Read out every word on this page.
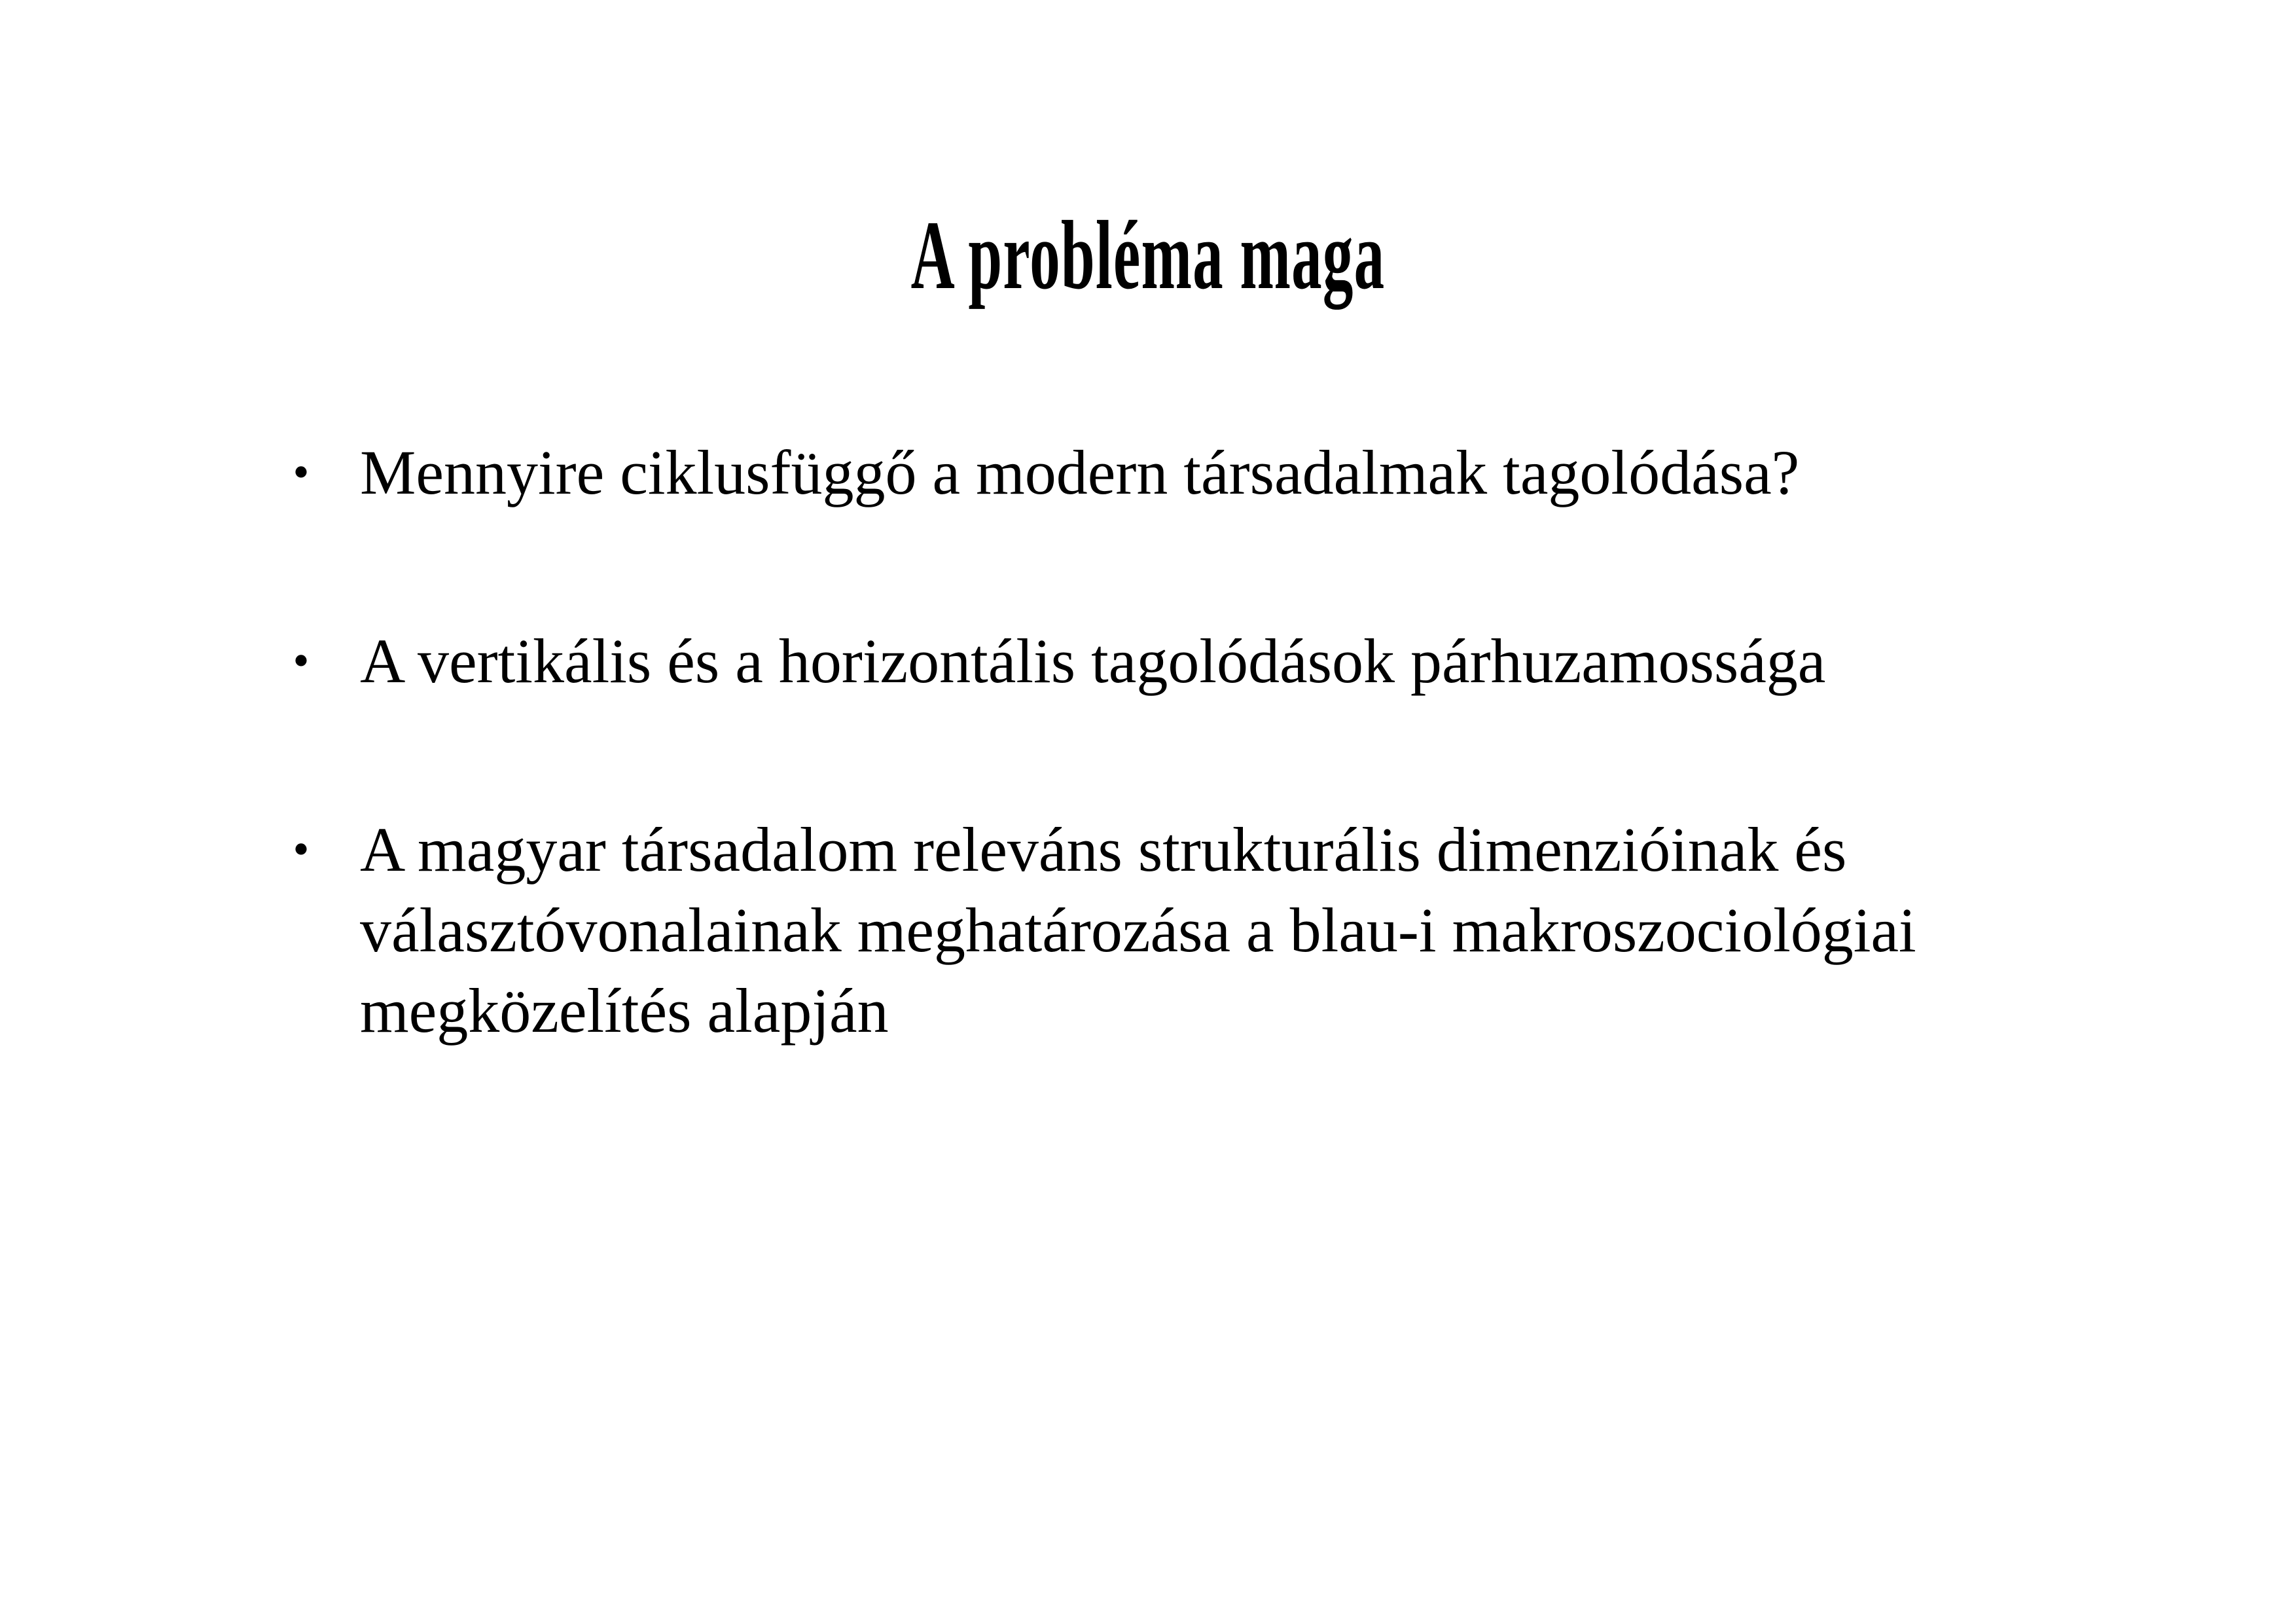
A probléma maga
• Mennyire ciklusfüggő a modern társadalmak tagolódása?
• A vertikális és a horizontális tagolódások párhuzamossága
• A magyar társadalom releváns strukturális dimenzióinak és választóvonalainak meghatározása a blau-i makroszociológiai megközelítés alapján
